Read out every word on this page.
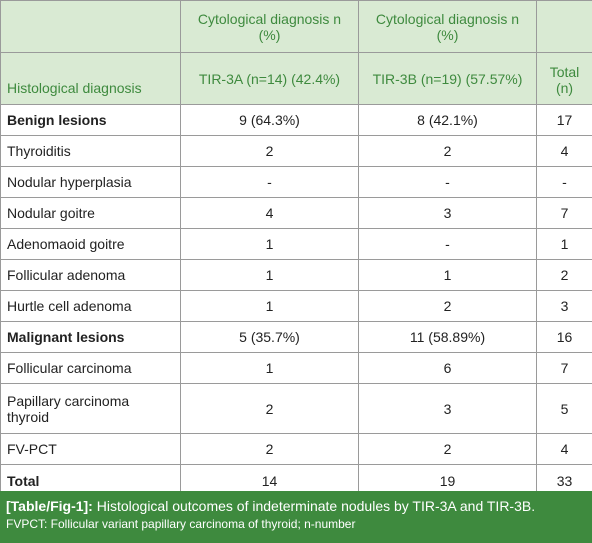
	Cytological diagnosis n (%)	Cytological diagnosis n (%)	
Histological diagnosis	TIR-3A (n=14) (42.4%)	TIR-3B (n=19) (57.57%)	Total (n)
Benign lesions	9 (64.3%)	8 (42.1%)	17
Thyroiditis	2	2	4
Nodular hyperplasia	-	-	-
Nodular goitre	4	3	7
Adenomaoid goitre	1	-	1
Follicular adenoma	1	1	2
Hurtle cell adenoma	1	2	3
Malignant lesions	5 (35.7%)	11 (58.89%)	16
Follicular carcinoma	1	6	7
Papillary carcinoma thyroid	2	3	5
FV-PCT	2	2	4
Total	14	19	33
[Table/Fig-1]: Histological outcomes of indeterminate nodules by TIR-3A and TIR-3B.
FVPCT: Follicular variant papillary carcinoma of thyroid; n-number
